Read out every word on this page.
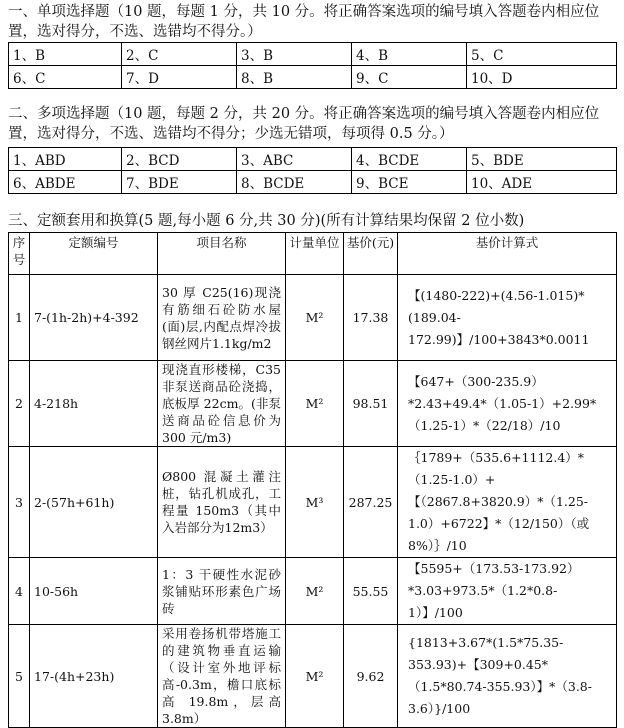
一、单项选择题（10 题，每题 1 分，共 10 分。将正确答案选项的编号填入答题卷内相应位置，选对得分，不选、选错均不得分。）

1、B	2、C	3、B	4、B	5、C
6、C	7、D	8、B	9、C	10、D

二、多项选择题（10 题，每题 2 分，共 20 分。将正确答案选项的编号填入答题卷内相应位置，选对得分，不选、选错均不得分；少选无错项，每项得 0.5 分。）

1、ABD	2、BCD	3、ABC	4、BCDE	5、BDE
6、ABDE	7、BDE	8、BCDE	9、BCE	10、ADE

三、定额套用和换算(5 题,每小题 6 分,共 30 分)(所有计算结果均保留 2 位小数)

序号	定额编号	项目名称	计量单位	基价(元)	基价计算式
1	7-(1h-2h)+4-392	30 厚 C25(16)现浇有筋细石砼防水屋(面)层,内配点焊冷拔钢丝网片1.1kg/m2	M²	17.38	【(1480-222)+(4.56-1.015)*(189.04-172.99)】/100+3843*0.0011
2	4-218h	现浇直形楼梯，C35 非泵送商品砼浇捣，底板厚 22cm。(非泵送商品砼信息价为 300 元/m3)	M²	98.51	【647+（300-235.9）*2.43+49.4*（1.05-1）+2.99*（1.25-1）*（22/18）/10
3	2-(57h+61h)	Ø800 混凝土灌注桩，钻孔机成孔，工程量 150m3（其中入岩部分为12m3）	M³	287.25	｛1789+（535.6+1112.4）*（1.25-1.0）+【（2867.8+3820.9）*（1.25-1.0）+6722】*（12/150）（或8%）｝/10
4	10-56h	1：3 干硬性水泥砂浆铺贴环形素色广场砖	M²	55.55	【5595+（173.53-173.92）*3.03+973.5*（1.2*0.8-1）】/100
5	17-(4h+23h)	采用卷扬机带塔施工的建筑物垂直运输（设计室外地评标高-0.3m，檐口底标高 19.8m，层高3.8m）	M²	9.62	{1813+3.67*(1.5*75.35-353.93)+【309+0.45*（1.5*80.74-355.93）】*（3.8-3.6）}/100
